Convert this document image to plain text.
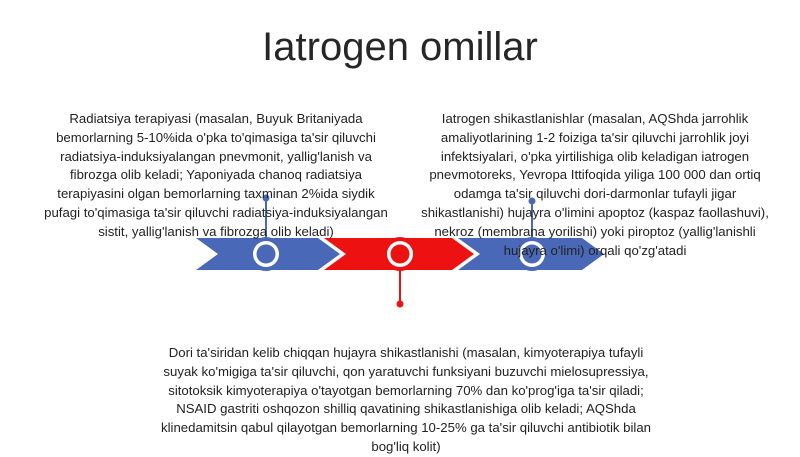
Iatrogen omillar
Radiatsiya terapiyasi (masalan, Buyuk Britaniyada bemorlarning 5-10%ida o'pka to'qimasiga ta'sir qiluvchi radiatsiya-induksiyalangan pnevmonit, yallig'lanish va fibrozga olib keladi; Yaponiyada chanoq radiatsiya terapiyasini olgan bemorlarning taxminan 2%ida siydik pufagi to'qimasiga ta'sir qiluvchi radiatsiya-induksiyalangan sistit, yallig'lanish va fibrozga olib keladi)
Iatrogen shikastlanishlar (masalan, AQShda jarrohlik amaliyotlarining 1-2 foiziga ta'sir qiluvchi jarrohlik joyi infektsiyalari, o'pka yirtilishiga olib keladigan iatrogen pnevmotoreks, Yevropa Ittifoqida yiliga 100 000 dan ortiq odamga ta'sir qiluvchi dori-darmonlar tufayli jigar shikastlanishi) hujayra o'limini apoptoz (kaspaz faollashuvi), nekroz (membrana yorilishi) yoki piroptoz (yallig'lanishli hujayra o'limi) orqali qo'zg'atadi
Dori ta'siridan kelib chiqqan hujayra shikastlanishi (masalan, kimyoterapiya tufayli suyak ko'migiga ta'sir qiluvchi, qon yaratuvchi funksiyani buzuvchi mielosupressiya, sitotoksik kimyoterapiya o'tayotgan bemorlarning 70% dan ko'prog'iga ta'sir qiladi; NSAID gastriti oshqozon shilliq qavatining shikastlanishiga olib keladi; AQShda klinedamitsin qabul qilayotgan bemorlarning 10-25% ga ta'sir qiluvchi antibiotik bilan bog'liq kolit)
